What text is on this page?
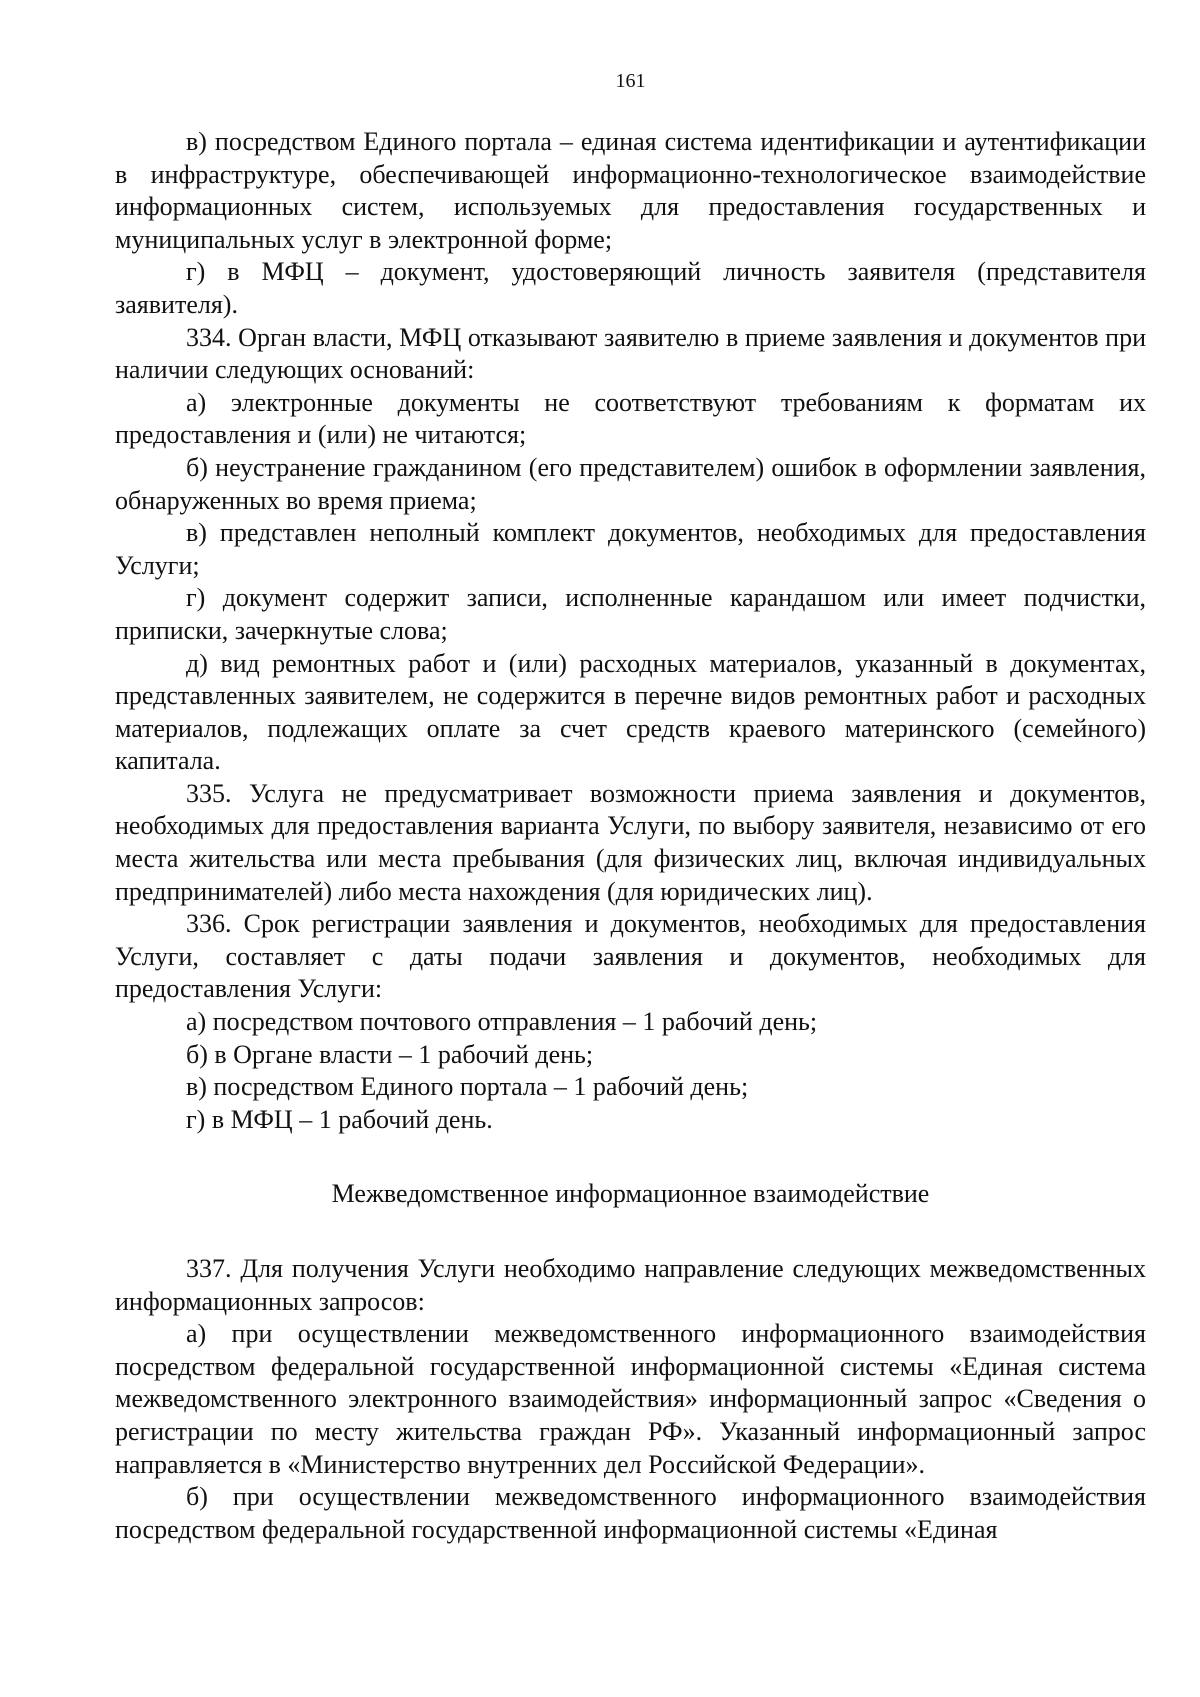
161

в) посредством Единого портала – единая система идентификации и аутентификации в инфраструктуре, обеспечивающей информационно-технологическое взаимодействие информационных систем, используемых для предоставления государственных и муниципальных услуг в электронной форме;

г) в МФЦ – документ, удостоверяющий личность заявителя (представителя заявителя).

334. Орган власти, МФЦ отказывают заявителю в приеме заявления и документов при наличии следующих оснований:

а) электронные документы не соответствуют требованиям к форматам их предоставления и (или) не читаются;

б) неустранение гражданином (его представителем) ошибок в оформлении заявления, обнаруженных во время приема;

в) представлен неполный комплект документов, необходимых для предоставления Услуги;

г) документ содержит записи, исполненные карандашом или имеет подчистки, приписки, зачеркнутые слова;

д) вид ремонтных работ и (или) расходных материалов, указанный в документах, представленных заявителем, не содержится в перечне видов ремонтных работ и расходных материалов, подлежащих оплате за счет средств краевого материнского (семейного) капитала.

335. Услуга не предусматривает возможности приема заявления и документов, необходимых для предоставления варианта Услуги, по выбору заявителя, независимо от его места жительства или места пребывания (для физических лиц, включая индивидуальных предпринимателей) либо места нахождения (для юридических лиц).

336. Срок регистрации заявления и документов, необходимых для предоставления Услуги, составляет с даты подачи заявления и документов, необходимых для предоставления Услуги:

а) посредством почтового отправления – 1 рабочий день;

б) в Органе власти – 1 рабочий день;

в) посредством Единого портала – 1 рабочий день;

г) в МФЦ – 1 рабочий день.

Межведомственное информационное взаимодействие

337. Для получения Услуги необходимо направление следующих межведомственных информационных запросов:

а) при осуществлении межведомственного информационного взаимодействия посредством федеральной государственной информационной системы «Единая система межведомственного электронного взаимодействия» информационный запрос «Сведения о регистрации по месту жительства граждан РФ». Указанный информационный запрос направляется в «Министерство внутренних дел Российской Федерации».

б) при осуществлении межведомственного информационного взаимодействия посредством федеральной государственной информационной системы «Единая
